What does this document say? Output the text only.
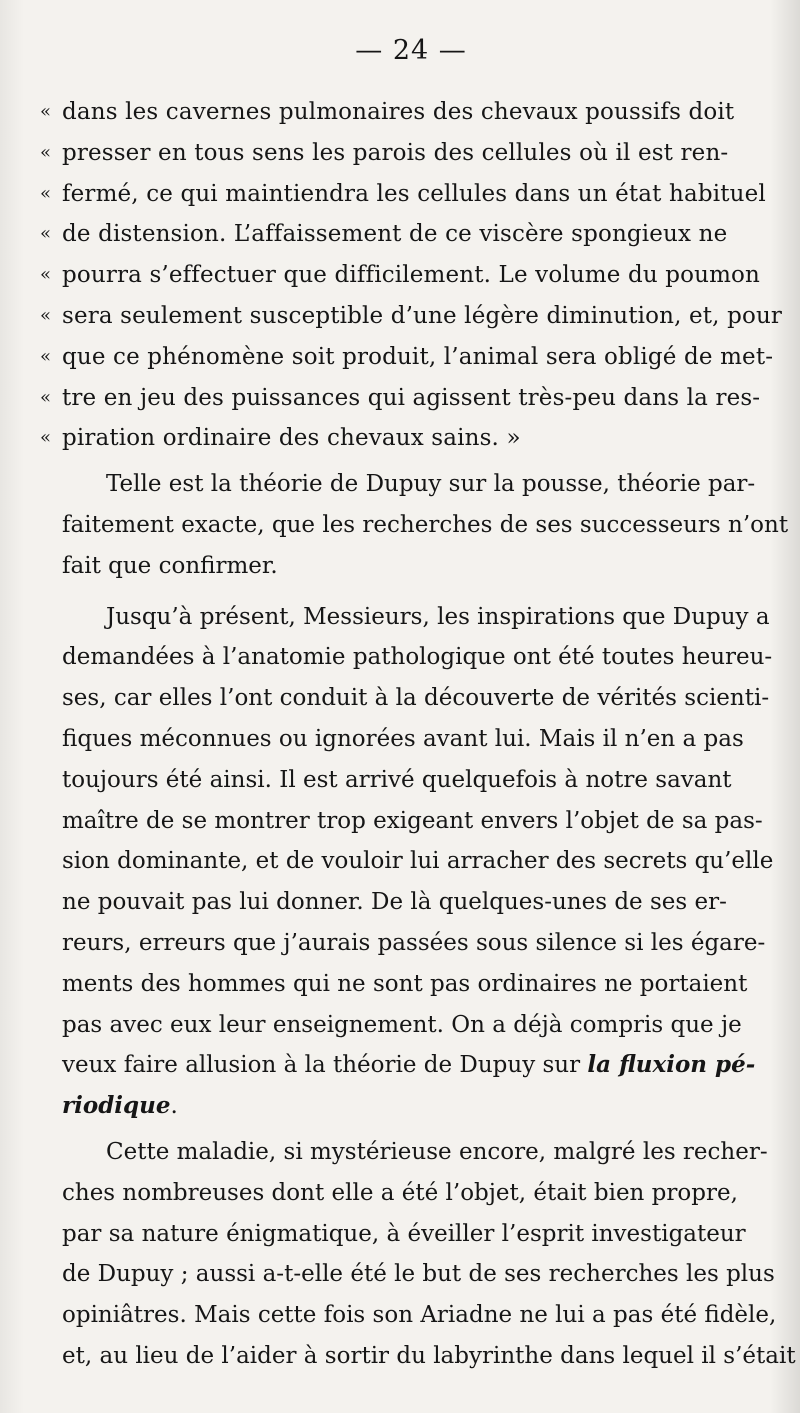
— 24 —
« dans les cavernes pulmonaires des chevaux poussifs doit
« presser en tous sens les parois des cellules où il est ren-
« fermé, ce qui maintiendra les cellules dans un état habituel
« de distension. L’affaissement de ce viscère spongieux ne
« pourra s’effectuer que difficilement. Le volume du poumon
« sera seulement susceptible d’une légère diminution, et, pour
« que ce phénomène soit produit, l’animal sera obligé de met-
« tre en jeu des puissances qui agissent très-peu dans la res-
« piration ordinaire des chevaux sains. »
Telle est la théorie de Dupuy sur la pousse, théorie par-
faitement exacte, que les recherches de ses successeurs n’ont
fait que confirmer.
Jusqu’à présent, Messieurs, les inspirations que Dupuy a
demandées à l’anatomie pathologique ont été toutes heureu-
ses, car elles l’ont conduit à la découverte de vérités scienti-
fiques méconnues ou ignorées avant lui. Mais il n’en a pas
toujours été ainsi. Il est arrivé quelquefois à notre savant
maître de se montrer trop exigeant envers l’objet de sa pas-
sion dominante, et de vouloir lui arracher des secrets qu’elle
ne pouvait pas lui donner. De là quelques-unes de ses er-
reurs, erreurs que j’aurais passées sous silence si les égare-
ments des hommes qui ne sont pas ordinaires ne portaient
pas avec eux leur enseignement. On a déjà compris que je
veux faire allusion à la théorie de Dupuy sur la fluxion pé-
riodique.
Cette maladie, si mystérieuse encore, malgré les recher-
ches nombreuses dont elle a été l’objet, était bien propre,
par sa nature énigmatique, à éveiller l’esprit investigateur
de Dupuy ; aussi a-t-elle été le but de ses recherches les plus
opiniâtres. Mais cette fois son Ariadne ne lui a pas été fidèle,
et, au lieu de l’aider à sortir du labyrinthe dans lequel il s’était
